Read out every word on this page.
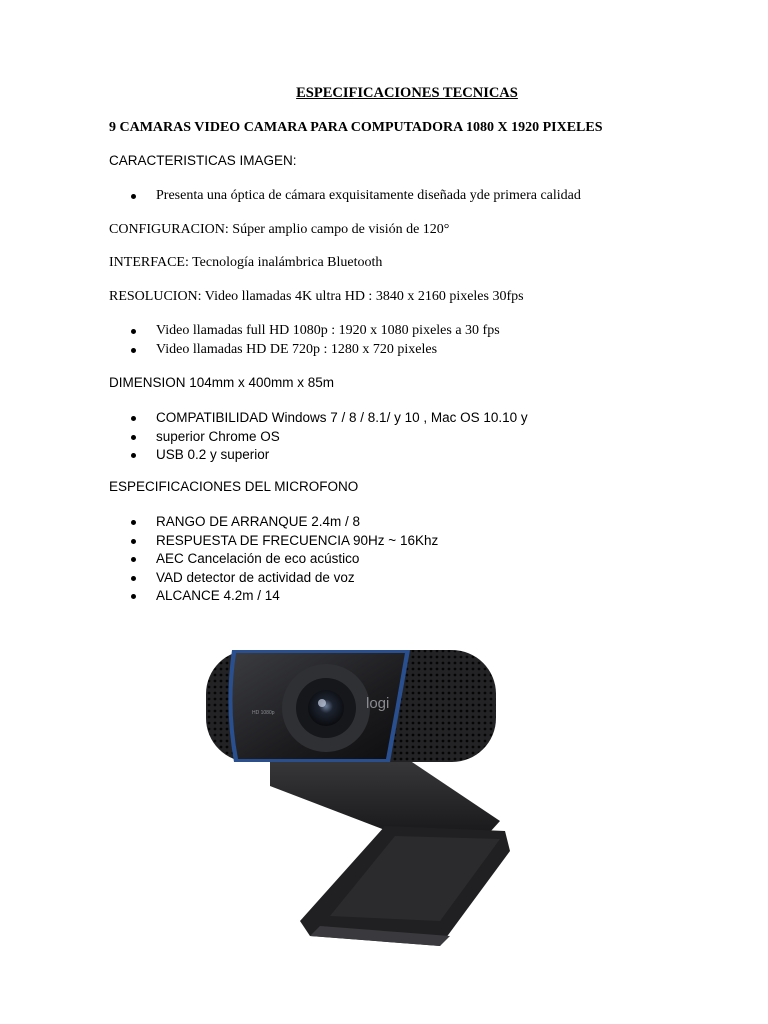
ESPECIFICACIONES TECNICAS
9 CAMARAS VIDEO CAMARA PARA COMPUTADORA 1080 X 1920 PIXELES
CARACTERISTICAS IMAGEN:
Presenta una óptica de cámara exquisitamente diseñada yde primera calidad
CONFIGURACION: Súper amplio campo de visión de 120°
INTERFACE: Tecnología inalámbrica Bluetooth
RESOLUCION: Video llamadas 4K ultra HD : 3840 x 2160 pixeles 30fps
Video llamadas full HD 1080p : 1920 x 1080 pixeles a 30 fps
Video llamadas HD DE 720p : 1280 x 720 pixeles
DIMENSION 104mm x 400mm x 85m
COMPATIBILIDAD Windows 7 / 8 / 8.1/ y 10 , Mac OS 10.10 y
superior Chrome OS
USB 0.2 y superior
ESPECIFICACIONES DEL MICROFONO
RANGO DE ARRANQUE 2.4m / 8
RESPUESTA DE FRECUENCIA 90Hz ~ 16Khz
AEC Cancelación de eco acústico
VAD detector de actividad de voz
ALCANCE 4.2m / 14
logi
HD 1080p
